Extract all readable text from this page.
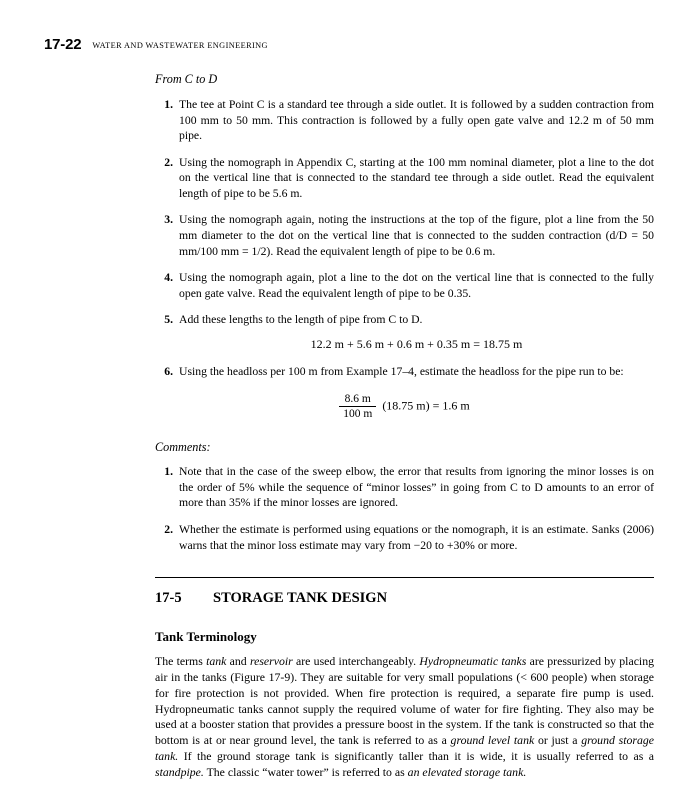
17-22 WATER AND WASTEWATER ENGINEERING
From C to D
1. The tee at Point C is a standard tee through a side outlet. It is followed by a sudden contraction from 100 mm to 50 mm. This contraction is followed by a fully open gate valve and 12.2 m of 50 mm pipe.
2. Using the nomograph in Appendix C, starting at the 100 mm nominal diameter, plot a line to the dot on the vertical line that is connected to the standard tee through a side outlet. Read the equivalent length of pipe to be 5.6 m.
3. Using the nomograph again, noting the instructions at the top of the figure, plot a line from the 50 mm diameter to the dot on the vertical line that is connected to the sudden contraction (d/D = 50 mm/100 mm = 1/2). Read the equivalent length of pipe to be 0.6 m.
4. Using the nomograph again, plot a line to the dot on the vertical line that is connected to the fully open gate valve. Read the equivalent length of pipe to be 0.35.
5. Add these lengths to the length of pipe from C to D.
12.2 m + 5.6 m + 0.6 m + 0.35 m = 18.75 m
6. Using the headloss per 100 m from Example 17–4, estimate the headloss for the pipe run to be:
$\frac{8.6 m}{100 m} (18.75$ m) = 1.6 m
Comments:
1. Note that in the case of the sweep elbow, the error that results from ignoring the minor losses is on the order of 5% while the sequence of “minor losses” in going from C to D amounts to an error of more than 35% if the minor losses are ignored.
2. Whether the estimate is performed using equations or the nomograph, it is an estimate. Sanks (2006) warns that the minor loss estimate may vary from −20 to +30% or more.
17-5	STORAGE TANK DESIGN
Tank Terminology

The terms tank and reservoir are used interchangeably. Hydropneumatic tanks are pressurized by placing air in the tanks (Figure 17-9). They are suitable for very small populations (< 600 people) when storage for fire protection is not provided. When fire protection is required, a separate fire pump is used. Hydropneumatic tanks cannot supply the required volume of water for fire fighting. They also may be used at a booster station that provides a pressure boost in the system. If the tank is constructed so that the bottom is at or near ground level, the tank is referred to as a ground level tank or just a ground storage tank. If the ground storage tank is significantly taller than it is wide, it is usually referred to as a standpipe. The classic “water tower” is referred to as an elevated storage tank.
